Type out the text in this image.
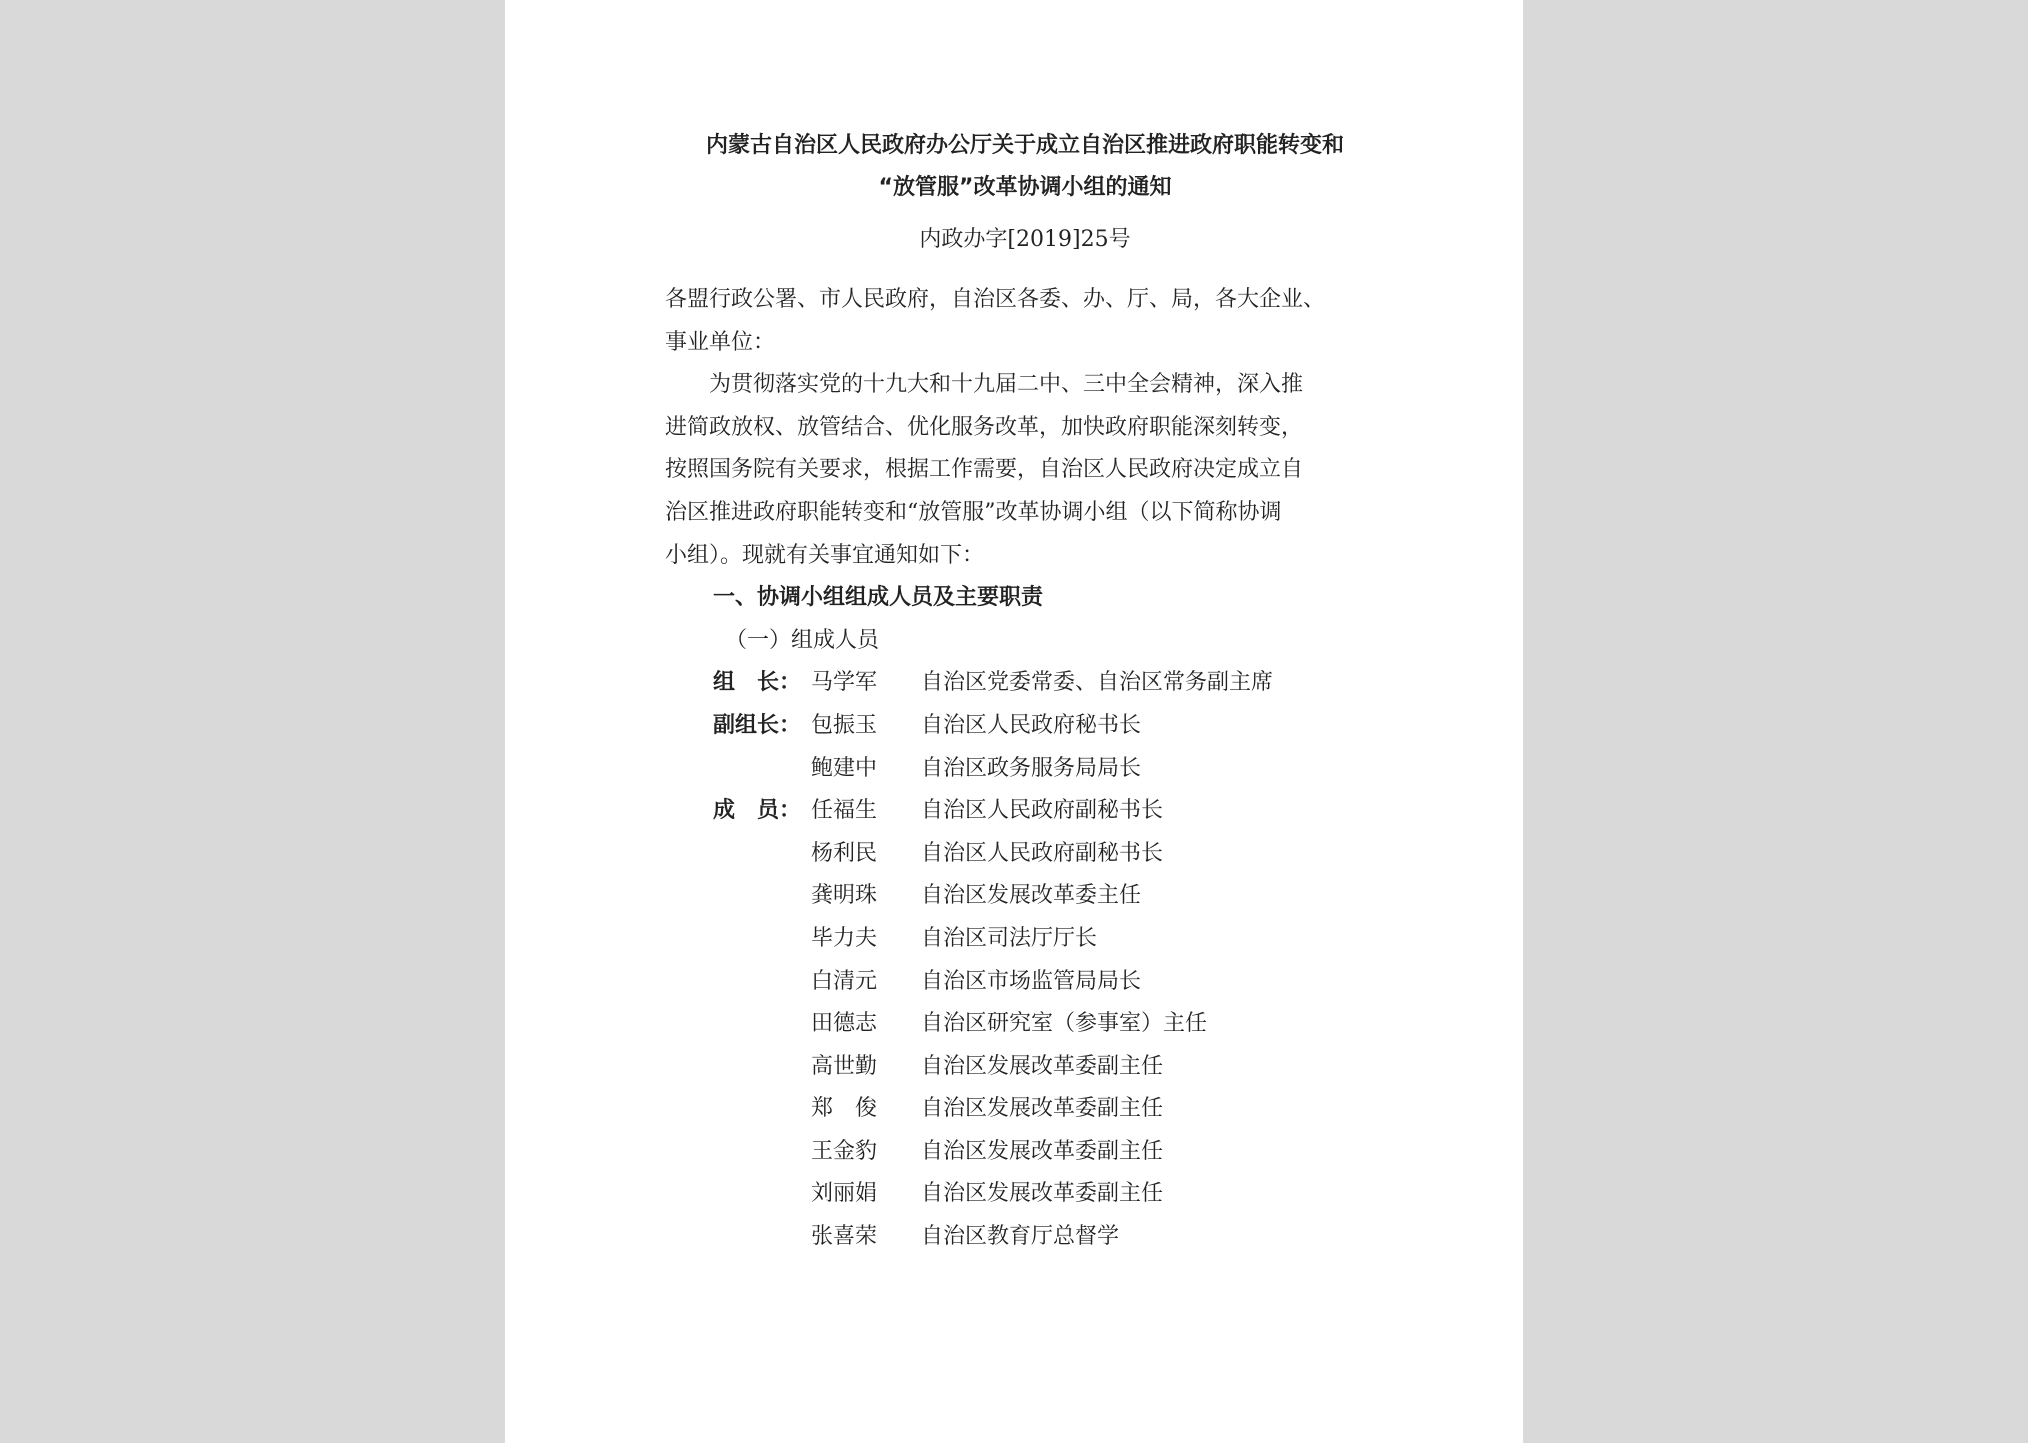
内蒙古自治区人民政府办公厅关于成立自治区推进政府职能转变和
“放管服”改革协调小组的通知
内政办字[2019]25号
各盟行政公署、市人民政府，自治区各委、办、厅、局，各大企业、
事业单位：
为贯彻落实党的十九大和十九届二中、三中全会精神，深入推
进简政放权、放管结合、优化服务改革，加快政府职能深刻转变，
按照国务院有关要求，根据工作需要，自治区人民政府决定成立自
治区推进政府职能转变和“放管服”改革协调小组（以下简称协调
小组）。现就有关事宜通知如下：
一、协调小组组成人员及主要职责
（一）组成人员
组　长： 马学军	自治区党委常委、自治区常务副主席
副组长： 包振玉	自治区人民政府秘书长
鲍建中	自治区政务服务局局长
成　员： 任福生	自治区人民政府副秘书长
杨利民	自治区人民政府副秘书长
龚明珠	自治区发展改革委主任
毕力夫	自治区司法厅厅长
白清元	自治区市场监管局局长
田德志	自治区研究室（参事室）主任
高世勤	自治区发展改革委副主任
郑　俊	自治区发展改革委副主任
王金豹	自治区发展改革委副主任
刘丽娟	自治区发展改革委副主任
张喜荣	自治区教育厅总督学
